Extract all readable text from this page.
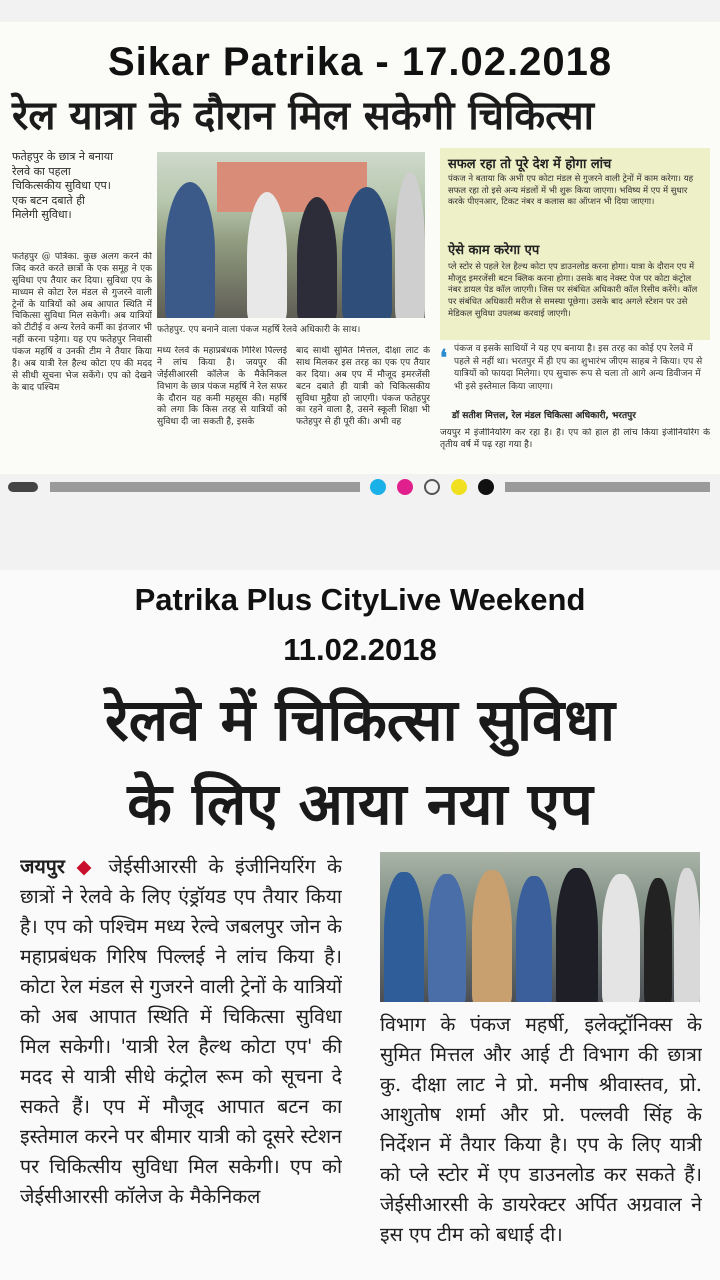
Sikar Patrika - 17.02.2018
रेल यात्रा के दौरान मिल सकेगी चिकित्सा
फतेहपुर के छात्र ने बनाया
रेलवे का पहला
चिकित्सकीय सुविधा एप।
एक बटन दबाते ही
मिलेगी सुविधा।
फतेहपुर @ पत्रिका. कुछ अलग करने की जिद करते करते छात्रों के एक समूह ने एक सुविधा एप तैयार कर दिया। सुविधा एप के माध्यम से कोटा रेल मंडल से गुजरने वाली ट्रेनों के यात्रियों को अब आपात स्थिति में चिकित्सा सुविधा मिल सकेगी। अब यात्रियों को टीटीई व अन्य रेलवे कर्मी का इंतजार भी नहीं करना पड़ेगा। यह एप फतेहपुर निवासी पंकज महर्षि व उनकी टीम ने तैयार किया है। अब यात्री रेल हैल्थ कोटा एप की मदद से सीधी सूचना भेज सकेंगे। एप को देखने के बाद पश्चिम
फतेहपुर. एप बनाने वाला पंकज महर्षि रेलवे अधिकारी के साथ।
मध्य रेलवे के महाप्रबंधक गिरिश पिल्लई ने लांच किया है। जयपुर की जेईसीआरसी कॉलेज के मैकेनिकल विभाग के छात्र पंकज महर्षि ने रेल सफर के दौरान यह कमी महसूस की। महर्षि को लगा कि किस तरह से यात्रियों को सुविधा दी जा सकती है, इसके
बाद साथी सुमित मित्तल, दीक्षा लाट के साथ मिलकर इस तरह का एक एप तैयार कर दिया। अब एप में मौजूद इमरजेंसी बटन दबाते ही यात्री को चिकित्सकीय सुविधा मुहैया हो जाएगी। पंकज फतेहपुर का रहने वाला है, उसने स्कूली शिक्षा भी फतेहपुर से ही पूरी की। अभी वह
सफल रहा तो पूरे देश में होगा लांच

पंकज ने बताया कि अभी एप कोटा मंडल से गुजरने वाली ट्रेनों में काम करेगा। यह सफल रहा तो इसे अन्य मंडलों में भी शुरू किया जाएगा। भविष्य में एप में सुधार करके पीएनआर, टिकट नंबर व कलास का ऑप्शन भी दिया जाएगा।

ऐसे काम करेगा एप

प्ले स्टोर से पहले रेल हैल्थ कोटा एप डाउनलोड करना होगा। यात्रा के दौरान एप में मौजूद इमरजेंसी बटन क्लिक करना होगा। उसके बाद नेक्स्ट पेज पर कोटा कंट्रोल नंबर डायल पेड कॉल जाएगी। जिस पर संबंधित अधिकारी कॉल रिसीव करेंगे। कॉल पर संबंधित अधिकारी मरीज से समस्या पूछेगा। उसके बाद अगले स्टेशन पर उसे मेडिकल सुविधा उपलब्ध करवाई जाएगी।

❛ पंकज व इसके साथियों ने यह एप बनाया है। इस तरह का कोई एप रेलवे में पहले से नहीं था। भरतपुर में ही एप का शुभारंभ जीएम साहब ने किया। एप से यात्रियों को फायदा मिलेगा। एप सुचारू रूप से चला तो आगे अन्य डिवीजन में भी इसे इस्तेमाल किया जाएगा।
डॉ सतीश मित्तल, रेल मंडल चिकित्सा अधिकारी, भरतपुर
जयपुर में इंजीनियरिंग कर रहा है। है। एप को हाल ही लांच किया इंजीनियरिंग के तृतीय वर्ष में पढ़ रहा गया है।
Patrika Plus CityLive Weekend
11.02.2018
रेलवे में चिकित्सा सुविधा
के लिए आया नया एप
जयपुर ◆ जेईसीआरसी के इंजीनियरिंग के छात्रों ने रेलवे के लिए एंड्रॉयड एप तैयार किया है। एप को पश्चिम मध्य रेल्वे जबलपुर जोन के महाप्रबंधक गिरिष पिल्लई ने लांच किया है। कोटा रेल मंडल से गुजरने वाली ट्रेनों के यात्रियों को अब आपात स्थिति में चिकित्सा सुविधा मिल सकेगी। 'यात्री रेल हैल्थ कोटा एप' की मदद से यात्री सीधे कंट्रोल रूम को सूचना दे सकते हैं। एप में मौजूद आपात बटन का इस्तेमाल करने पर बीमार यात्री को दूसरे स्टेशन पर चिकित्सीय सुविधा मिल सकेगी। एप को जेईसीआरसी कॉलेज के मैकेनिकल
विभाग के पंकज महर्षी, इलेक्ट्रॉनिक्स के सुमित मित्तल और आई टी विभाग की छात्रा कु. दीक्षा लाट ने प्रो. मनीष श्रीवास्तव, प्रो. आशुतोष शर्मा और प्रो. पल्लवी सिंह के निर्देशन में तैयार किया है। एप के लिए यात्री को प्ले स्टोर में एप डाउनलोड कर सकते हैं। जेईसीआरसी के डायरेक्टर अर्पित अग्रवाल ने इस एप टीम को बधाई दी।
